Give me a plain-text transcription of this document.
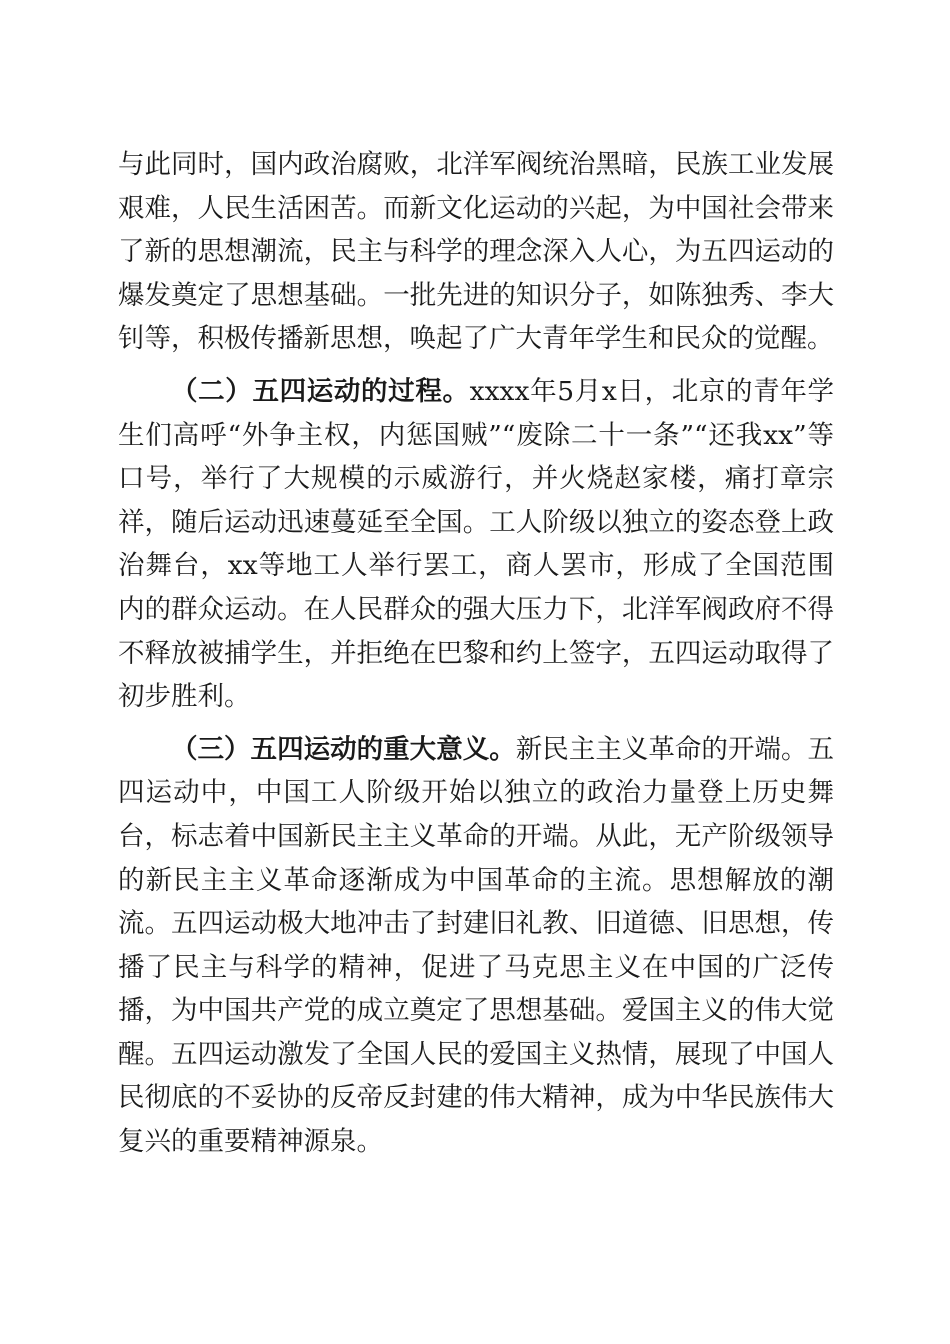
与此同时，国内政治腐败，北洋军阀统治黑暗，民族工业发展艰难，人民生活困苦。而新文化运动的兴起，为中国社会带来了新的思想潮流，民主与科学的理念深入人心，为五四运动的爆发奠定了思想基础。一批先进的知识分子，如陈独秀、李大钊等，积极传播新思想，唤起了广大青年学生和民众的觉醒。

（二）五四运动的过程。xxxx年5月x日，北京的青年学生们高呼“外争主权，内惩国贼”“废除二十一条”“还我xx”等口号，举行了大规模的示威游行，并火烧赵家楼，痛打章宗祥，随后运动迅速蔓延至全国。工人阶级以独立的姿态登上政治舞台，xx等地工人举行罢工，商人罢市，形成了全国范围内的群众运动。在人民群众的强大压力下，北洋军阀政府不得不释放被捕学生，并拒绝在巴黎和约上签字，五四运动取得了初步胜利。

（三）五四运动的重大意义。新民主主义革命的开端。五四运动中，中国工人阶级开始以独立的政治力量登上历史舞台，标志着中国新民主主义革命的开端。从此，无产阶级领导的新民主主义革命逐渐成为中国革命的主流。思想解放的潮流。五四运动极大地冲击了封建旧礼教、旧道德、旧思想，传播了民主与科学的精神，促进了马克思主义在中国的广泛传播，为中国共产党的成立奠定了思想基础。爱国主义的伟大觉醒。五四运动激发了全国人民的爱国主义热情，展现了中国人民彻底的不妥协的反帝反封建的伟大精神，成为中华民族伟大复兴的重要精神源泉。
